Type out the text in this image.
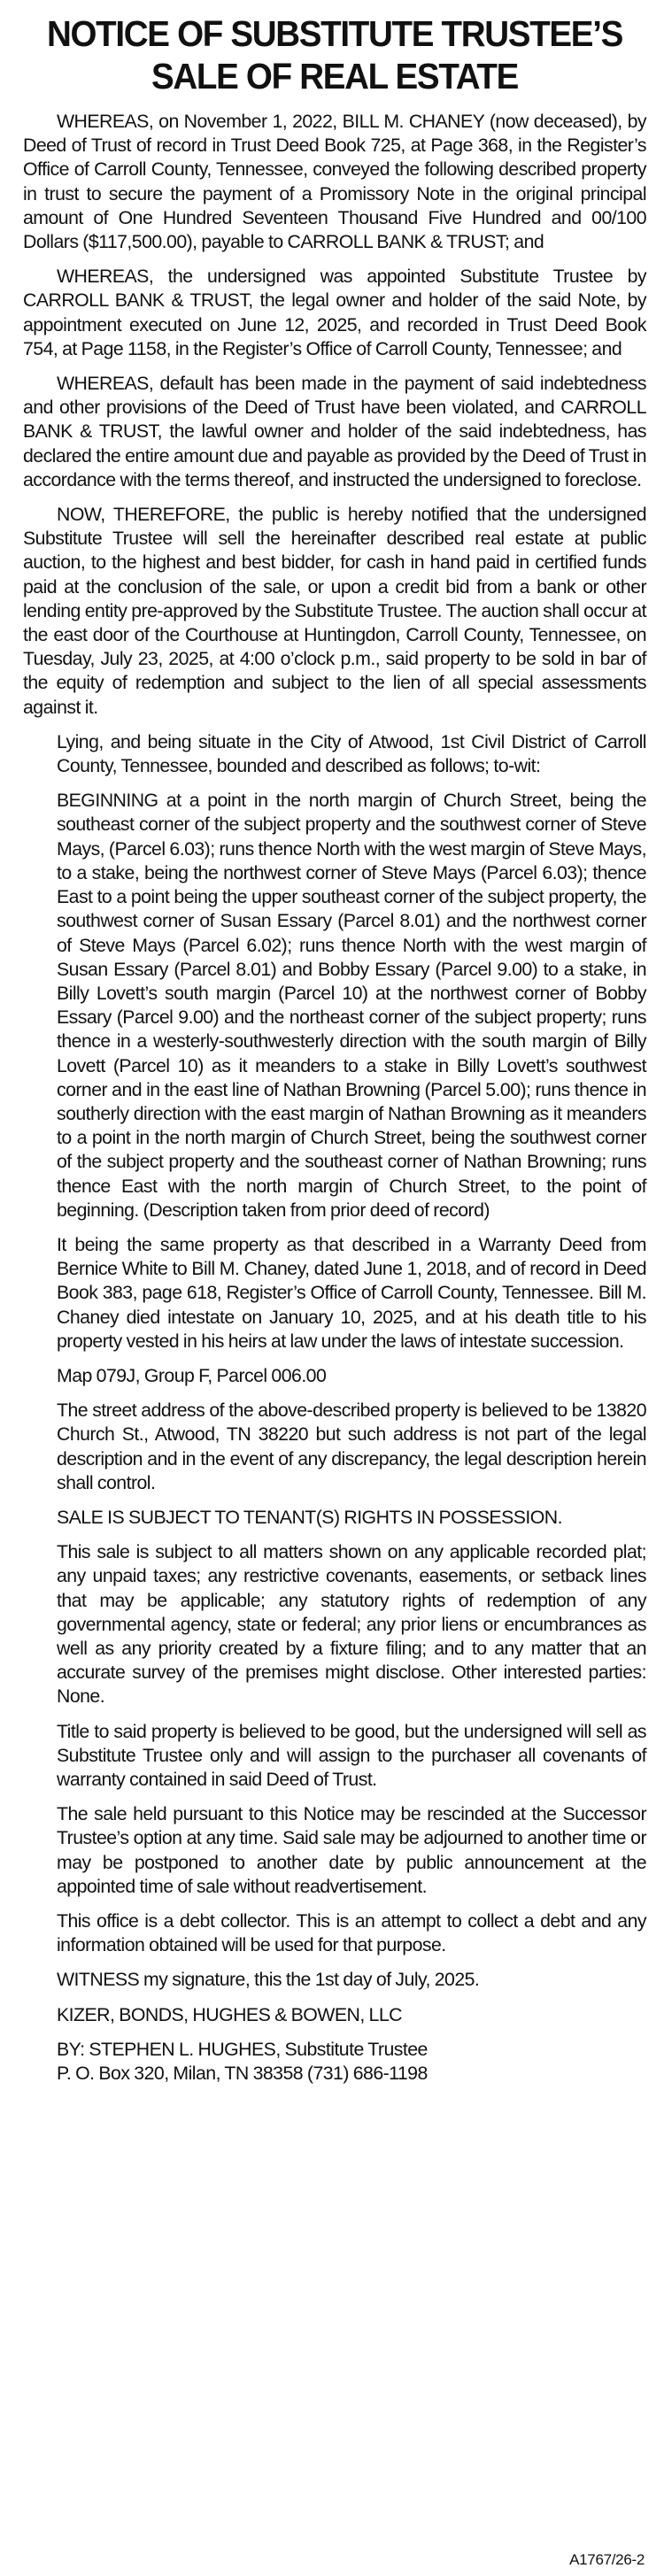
NOTICE OF SUBSTITUTE TRUSTEE’S
SALE OF REAL ESTATE

WHEREAS, on November 1, 2022, BILL M. CHANEY (now deceased), by Deed of Trust of record in Trust Deed Book 725, at Page 368, in the Register’s Office of Carroll County, Tennessee, conveyed the following described property in trust to secure the payment of a Promissory Note in the original principal amount of One Hundred Seventeen Thousand Five Hundred and 00/100 Dollars ($117,500.00), payable to CARROLL BANK & TRUST; and

WHEREAS, the undersigned was appointed Substitute Trustee by CARROLL BANK & TRUST, the legal owner and holder of the said Note, by appointment executed on June 12, 2025, and recorded in Trust Deed Book 754, at Page 1158, in the Register’s Office of Carroll County, Tennessee; and

WHEREAS, default has been made in the payment of said indebtedness and other provisions of the Deed of Trust have been violated, and CARROLL BANK & TRUST, the lawful owner and holder of the said indebtedness, has declared the entire amount due and payable as provided by the Deed of Trust in accordance with the terms thereof, and instructed the undersigned to foreclose.

NOW, THEREFORE, the public is hereby notified that the undersigned Substitute Trustee will sell the hereinafter described real estate at public auction, to the highest and best bidder, for cash in hand paid in certified funds paid at the conclusion of the sale, or upon a credit bid from a bank or other lending entity pre-approved by the Substitute Trustee. The auction shall occur at the east door of the Courthouse at Huntingdon, Carroll County, Tennessee, on Tuesday, July 23, 2025, at 4:00 o’clock p.m., said property to be sold in bar of the equity of redemption and subject to the lien of all special assessments against it.

Lying, and being situate in the City of Atwood, 1st Civil District of Carroll County, Tennessee, bounded and described as follows; to-wit:

BEGINNING at a point in the north margin of Church Street, being the southeast corner of the subject property and the southwest corner of Steve Mays, (Parcel 6.03); runs thence North with the west margin of Steve Mays, to a stake, being the northwest corner of Steve Mays (Parcel 6.03); thence East to a point being the upper southeast corner of the subject property, the southwest corner of Susan Essary (Parcel 8.01) and the northwest corner of Steve Mays (Parcel 6.02); runs thence North with the west margin of Susan Essary (Parcel 8.01) and Bobby Essary (Parcel 9.00) to a stake, in Billy Lovett’s south margin (Parcel 10) at the northwest corner of Bobby Essary (Parcel 9.00) and the northeast corner of the subject property; runs thence in a westerly-southwesterly direction with the south margin of Billy Lovett (Parcel 10) as it meanders to a stake in Billy Lovett’s southwest corner and in the east line of Nathan Browning (Parcel 5.00); runs thence in southerly direction with the east margin of Nathan Browning as it meanders to a point in the north margin of Church Street, being the southwest corner of the subject property and the southeast corner of Nathan Browning; runs thence East with the north margin of Church Street, to the point of beginning. (Description taken from prior deed of record)

It being the same property as that described in a Warranty Deed from Bernice White to Bill M. Chaney, dated June 1, 2018, and of record in Deed Book 383, page 618, Register’s Office of Carroll County, Tennessee. Bill M. Chaney died intestate on January 10, 2025, and at his death title to his property vested in his heirs at law under the laws of intestate succession.

Map 079J, Group F, Parcel 006.00

The street address of the above-described property is believed to be 13820 Church St., Atwood, TN 38220 but such address is not part of the legal description and in the event of any discrepancy, the legal description herein shall control.

SALE IS SUBJECT TO TENANT(S) RIGHTS IN POSSESSION.

This sale is subject to all matters shown on any applicable recorded plat; any unpaid taxes; any restrictive covenants, easements, or setback lines that may be applicable; any statutory rights of redemption of any governmental agency, state or federal; any prior liens or encumbrances as well as any priority created by a fixture filing; and to any matter that an accurate survey of the premises might disclose. Other interested parties: None.

Title to said property is believed to be good, but the undersigned will sell as Substitute Trustee only and will assign to the purchaser all covenants of warranty contained in said Deed of Trust.

The sale held pursuant to this Notice may be rescinded at the Successor Trustee’s option at any time. Said sale may be adjourned to another time or may be postponed to another date by public announcement at the appointed time of sale without readvertisement.

This office is a debt collector. This is an attempt to collect a debt and any information obtained will be used for that purpose.

WITNESS my signature, this the 1st day of July, 2025.

KIZER, BONDS, HUGHES & BOWEN, LLC

BY: STEPHEN L. HUGHES, Substitute Trustee

P. O. Box 320, Milan, TN 38358 (731) 686-1198

A1767/26-2
